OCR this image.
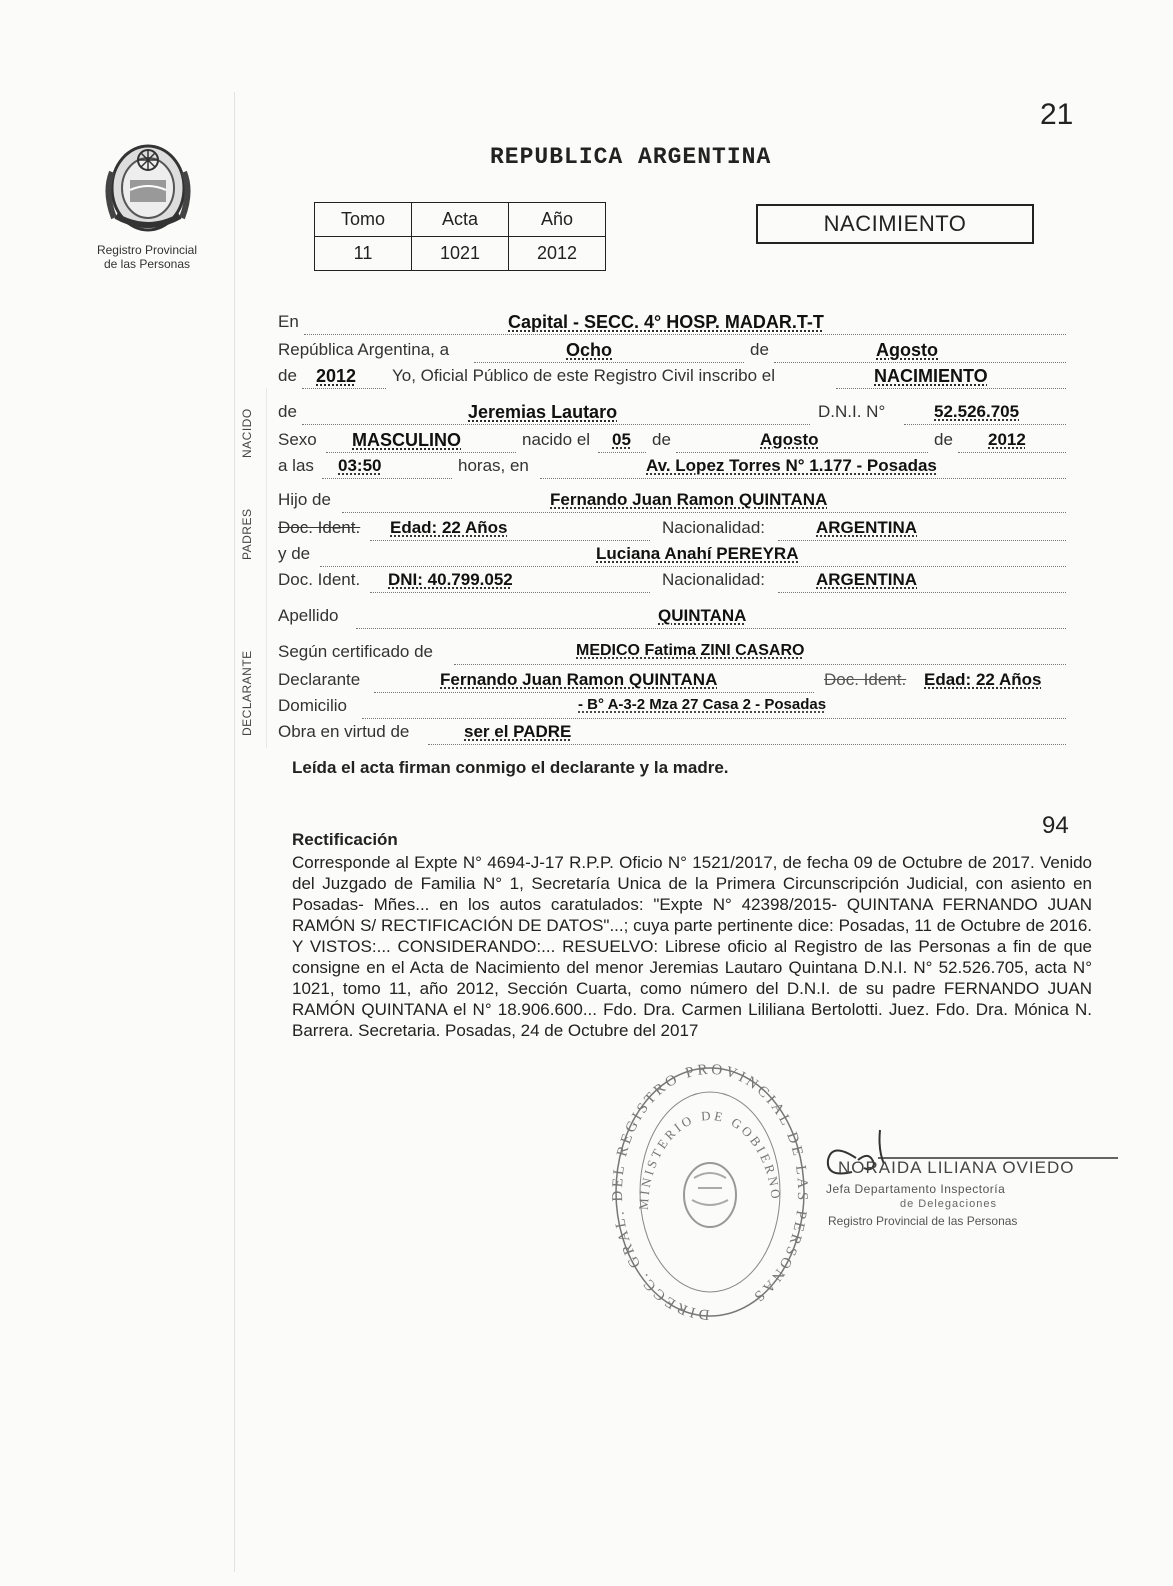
Registro Provincial
de las Personas
21
REPUBLICA ARGENTINA
Tomo	Acta	Año
11	1021	2012
NACIMIENTO
NACIDO
PADRES
DECLARANTE
En	Capital - SECC. 4° HOSP. MADAR.T-T
República Argentina, a	Ocho	de	Agosto
de 2012 Yo, Oficial Público de este Registro Civil inscribo el	NACIMIENTO
de	Jeremias Lautaro	D.N.I. N°	52.526.705
Sexo MASCULINO	nacido el 05 de	Agosto	de 2012
a las 03:50	horas, en	Av. Lopez Torres N° 1.177 - Posadas
Hijo de	Fernando Juan Ramon QUINTANA
Doc. Ident. Edad: 22 Años	Nacionalidad:	ARGENTINA
y de	Luciana Anahí PEREYRA
Doc. Ident. DNI: 40.799.052	Nacionalidad:	ARGENTINA
Apellido	QUINTANA
Según certificado de	MEDICO Fatima ZINI CASARO
Declarante	Fernando Juan Ramon QUINTANA	Doc. Ident. Edad: 22 Años
Domicilio	- B° A-3-2 Mza 27 Casa 2 - Posadas
Obra en virtud de	ser el PADRE
Leída el acta firman conmigo el declarante y la madre.
94
Rectificación
Corresponde al Expte N° 4694-J-17 R.P.P. Oficio N° 1521/2017, de fecha 09 de Octubre de 2017. Venido del Juzgado de Familia N° 1, Secretaría Unica de la Primera Circunscripción Judicial, con asiento en Posadas- Mñes... en los autos caratulados: "Expte N° 42398/2015- QUINTANA FERNANDO JUAN RAMÓN S/ RECTIFICACIÓN DE DATOS"...; cuya parte pertinente dice: Posadas, 11 de Octubre de 2016. Y VISTOS:... CONSIDERANDO:... RESUELVO: Librese oficio al Registro de las Personas a fin de que consigne en el Acta de Nacimiento del menor Jeremias Lautaro Quintana D.N.I. N° 52.526.705, acta N° 1021, tomo 11, año 2012, Sección Cuarta, como número del D.N.I. de su padre FERNANDO JUAN RAMÓN QUINTANA el N° 18.906.600... Fdo. Dra. Carmen Lililiana Bertolotti. Juez. Fdo. Dra. Mónica N. Barrera. Secretaria. Posadas, 24 de Octubre del 2017
DIRECC. GRAL. DEL REGISTRO PROVINCIAL DE LAS PERSONAS
MINISTERIO DE GOBIERNO
NORAIDA LILIANA OVIEDO
Jefa Departamento Inspectoría
de Delegaciones
Registro Provincial de las Personas
